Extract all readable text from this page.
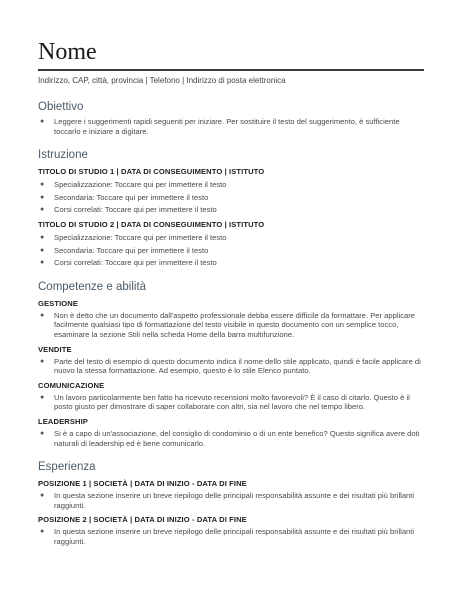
Nome
Indirizzo, CAP, città, provincia | Telefono | Indirizzo di posta elettronica
Obiettivo
● Leggere i suggerimenti rapidi seguenti per iniziare. Per sostituire il testo del suggerimento, è sufficiente toccarlo e iniziare a digitare.
Istruzione
TITOLO DI STUDIO 1 | DATA DI CONSEGUIMENTO | ISTITUTO
● Specializzazione: Toccare qui per immettere il testo
● Secondaria: Toccare qui per immettere il testo
● Corsi correlati: Toccare qui per immettere il testo
TITOLO DI STUDIO 2 | DATA DI CONSEGUIMENTO | ISTITUTO
● Specializzazione: Toccare qui per immettere il testo
● Secondaria: Toccare qui per immettere il testo
● Corsi correlati: Toccare qui per immettere il testo
Competenze e abilità
GESTIONE
● Non è detto che un documento dall'aspetto professionale debba essere difficile da formattare. Per applicare facilmente qualsiasi tipo di formattazione del testo visibile in questo documento con un semplice tocco, esaminare la sezione Stili nella scheda Home della barra multifunzione.
VENDITE
● Parte del testo di esempio di questo documento indica il nome dello stile applicato, quindi è facile applicare di nuovo la stessa formattazione. Ad esempio, questo è lo stile Elenco puntato.
COMUNICAZIONE
● Un lavoro particolarmente ben fatto ha ricevuto recensioni molto favorevoli? È il caso di citarlo. Questo è il posto giusto per dimostrare di saper collaborare con altri, sia nel lavoro che nel tempo libero.
LEADERSHIP
● Si è a capo di un'associazione, del consiglio di condominio o di un ente benefico? Questo significa avere doti naturali di leadership ed è bene comunicarlo.
Esperienza
POSIZIONE 1 | SOCIETÀ | DATA DI INIZIO - DATA DI FINE
● In questa sezione inserire un breve riepilogo delle principali responsabilità assunte e dei risultati più brillanti raggiunti.
POSIZIONE 2 | SOCIETÀ | DATA DI INIZIO - DATA DI FINE
● In questa sezione inserire un breve riepilogo delle principali responsabilità assunte e dei risultati più brillanti raggiunti.
